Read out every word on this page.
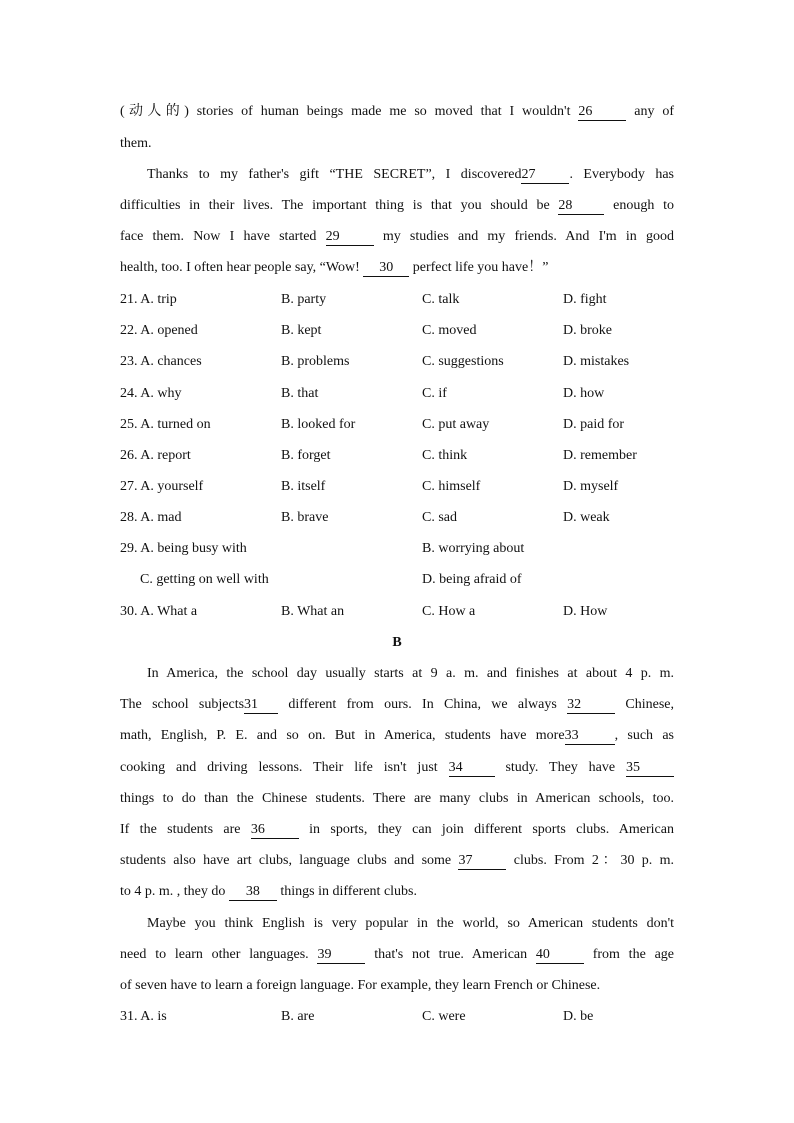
(动人的) stories of human beings made me so moved that I wouldn't 26 any of
them.
Thanks to my father's gift “THE SECRET”, I discovered27 . Everybody has
difficulties in their lives. The important thing is that you should be 28 enough to
face them. Now I have started 29 my studies and my friends. And I'm in good
health, too. I often hear people say, “Wow! 30 perfect life you have！”
21. A. trip	B. party	C. talk	D. fight
22. A. opened	B. kept	C. moved	D. broke
23. A. chances	B. problems	C. suggestions	D. mistakes
24. A. why	B. that	C. if	D. how
25. A. turned on	B. looked for	C. put away	D. paid for
26. A. report	B. forget	C. think	D. remember
27. A. yourself	B. itself	C. himself	D. myself
28. A. mad	B. brave	C. sad	D. weak
29. A. being busy with	B. worrying about
C. getting on well with	D. being afraid of
30. A. What a	B. What an	C. How a	D. How
B
In America, the school day usually starts at 9 a. m. and finishes at about 4 p. m.
The school subjects31 different from ours. In China, we always 32 Chinese,
math, English, P. E. and so on. But in America, students have more33	, such as
cooking and driving lessons. Their life isn't just 34 study. They have 35
things to do than the Chinese students. There are many clubs in American schools, too.
If the students are 36 in sports, they can join different sports clubs. American
students also have art clubs, language clubs and some 37 clubs. From 2：30 p. m.
to 4 p. m. , they do 38 things in different clubs.
Maybe you think English is very popular in the world, so American students don't
need to learn other languages. 39 that's not true. American 40 from the age
of seven have to learn a foreign language. For example, they learn French or Chinese.
31. A. is	B. are	C. were	D. be
